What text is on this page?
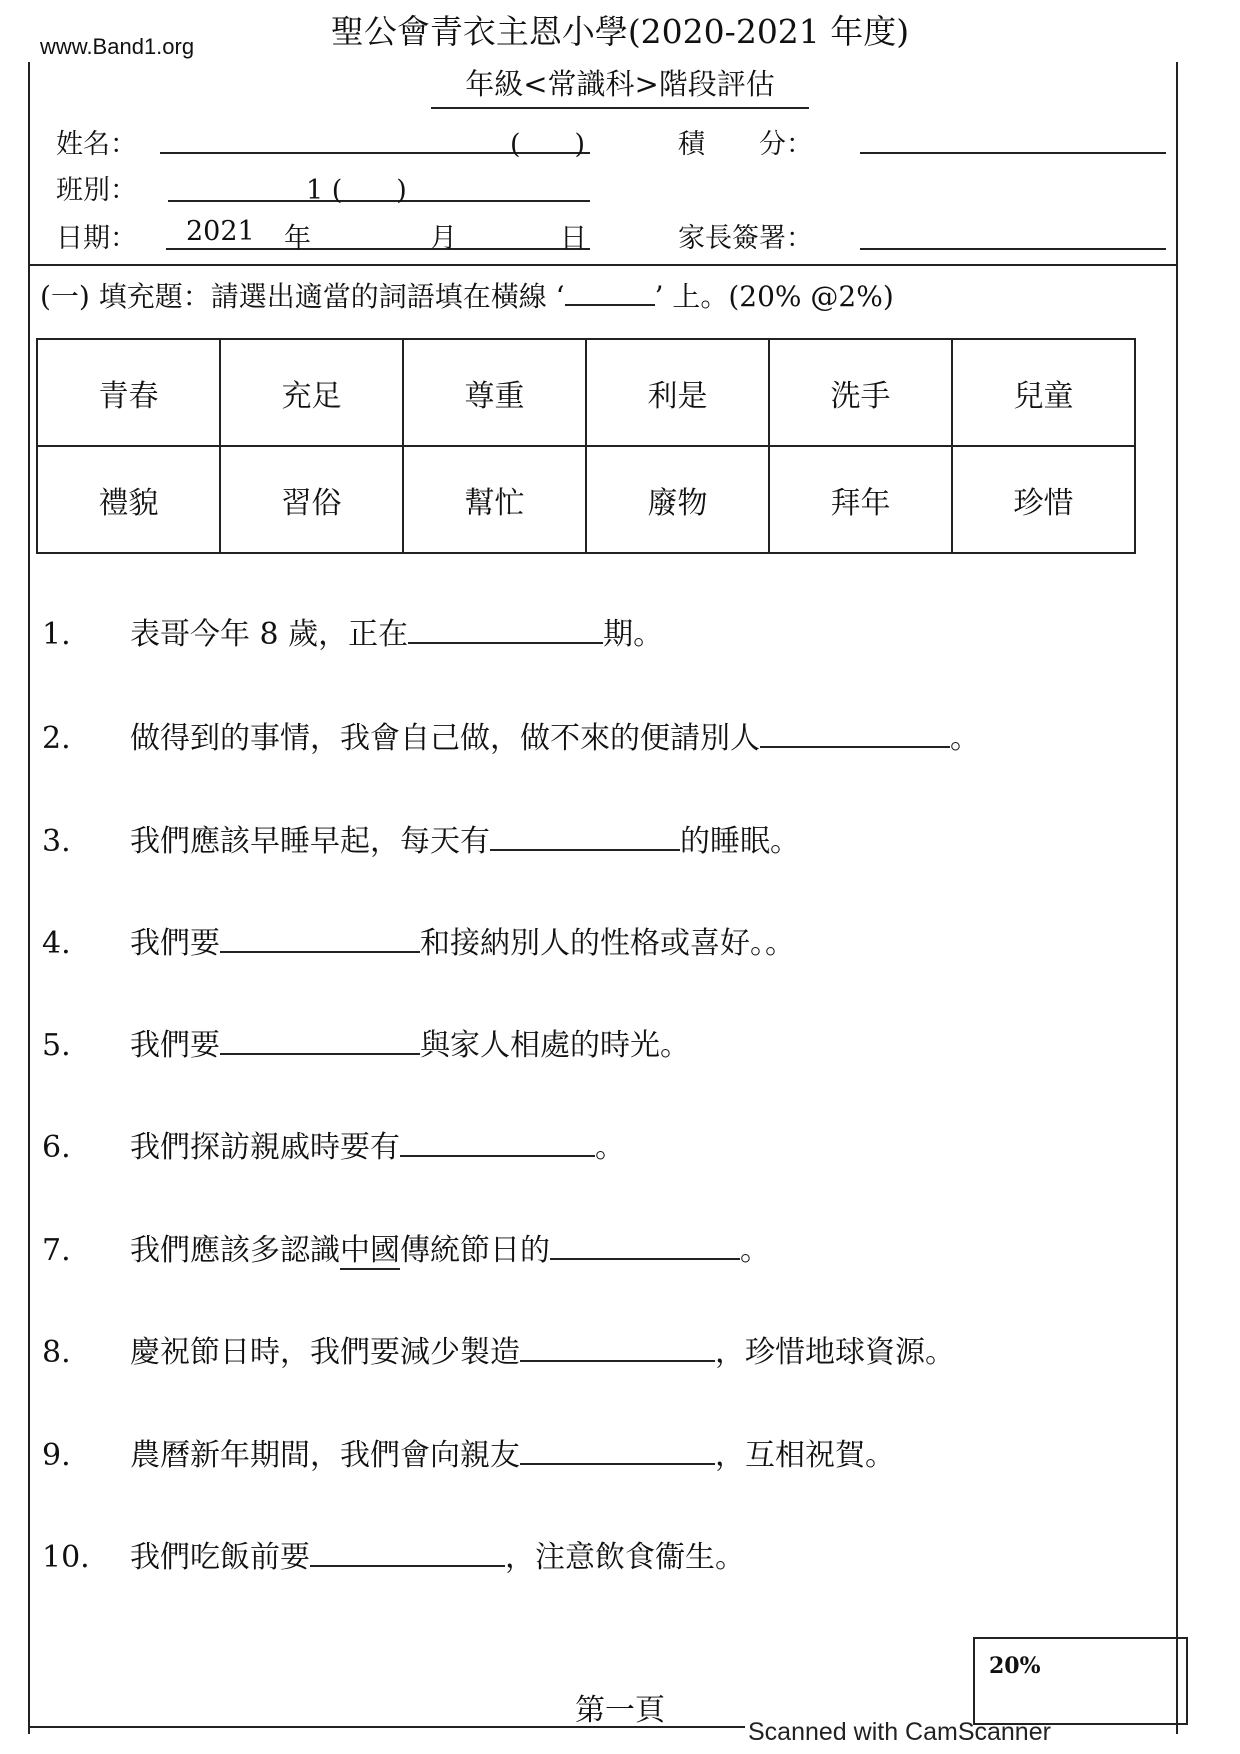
www.Band1.org	聖公會青衣主恩小學(2020-2021 年度)
年級<常識科>階段評估
姓名：	(　　)	積　　分：
班別：	1 (　　)
日期： 2021 年	月	日	家長簽署：
(一) 填充題：請選出適當的詞語填在橫線 ‘	’ 上。(20% @2%)
青春	充足	尊重	利是	洗手	兒童
禮貌	習俗	幫忙	廢物	拜年	珍惜
1. 表哥今年 8 歲，正在	期。
2. 做得到的事情，我會自己做，做不來的便請別人	。
3. 我們應該早睡早起，每天有	的睡眠。
4. 我們要	和接納別人的性格或喜好。。
5. 我們要	與家人相處的時光。
6. 我們探訪親戚時要有	。
7. 我們應該多認識中國傳統節日的	。
8. 慶祝節日時，我們要減少製造	，珍惜地球資源。
9. 農曆新年期間，我們會向親友	，互相祝賀。
10. 我們吃飯前要	，注意飲食衞生。
20%
第一頁
Scanned with CamScanner
